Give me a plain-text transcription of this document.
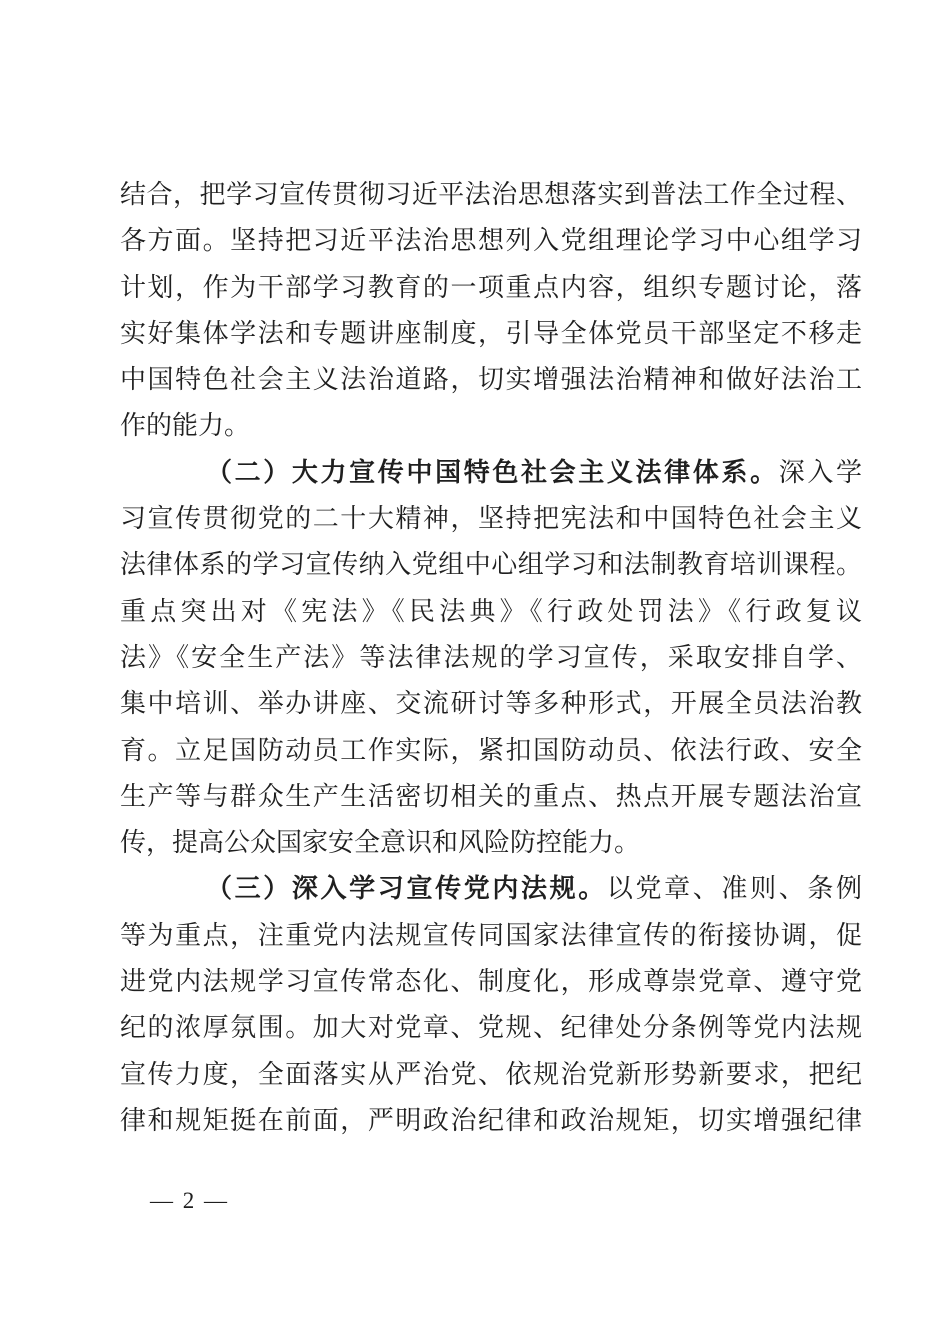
结合，把学习宣传贯彻习近平法治思想落实到普法工作全过程、
各方面。坚持把习近平法治思想列入党组理论学习中心组学习
计划，作为干部学习教育的一项重点内容，组织专题讨论，落
实好集体学法和专题讲座制度，引导全体党员干部坚定不移走
中国特色社会主义法治道路，切实增强法治精神和做好法治工
作的能力。
（二）大力宣传中国特色社会主义法律体系。深入学
习宣传贯彻党的二十大精神，坚持把宪法和中国特色社会主义
法律体系的学习宣传纳入党组中心组学习和法制教育培训课程。
重点突出对《宪法》《民法典》《行政处罚法》《行政复议
法》《安全生产法》等法律法规的学习宣传，采取安排自学、
集中培训、举办讲座、交流研讨等多种形式，开展全员法治教
育。立足国防动员工作实际，紧扣国防动员、依法行政、安全
生产等与群众生产生活密切相关的重点、热点开展专题法治宣
传，提高公众国家安全意识和风险防控能力。
（三）深入学习宣传党内法规。以党章、准则、条例
等为重点，注重党内法规宣传同国家法律宣传的衔接协调，促
进党内法规学习宣传常态化、制度化，形成尊崇党章、遵守党
纪的浓厚氛围。加大对党章、党规、纪律处分条例等党内法规
宣传力度，全面落实从严治党、依规治党新形势新要求，把纪
律和规矩挺在前面，严明政治纪律和政治规矩，切实增强纪律
— 2 —
